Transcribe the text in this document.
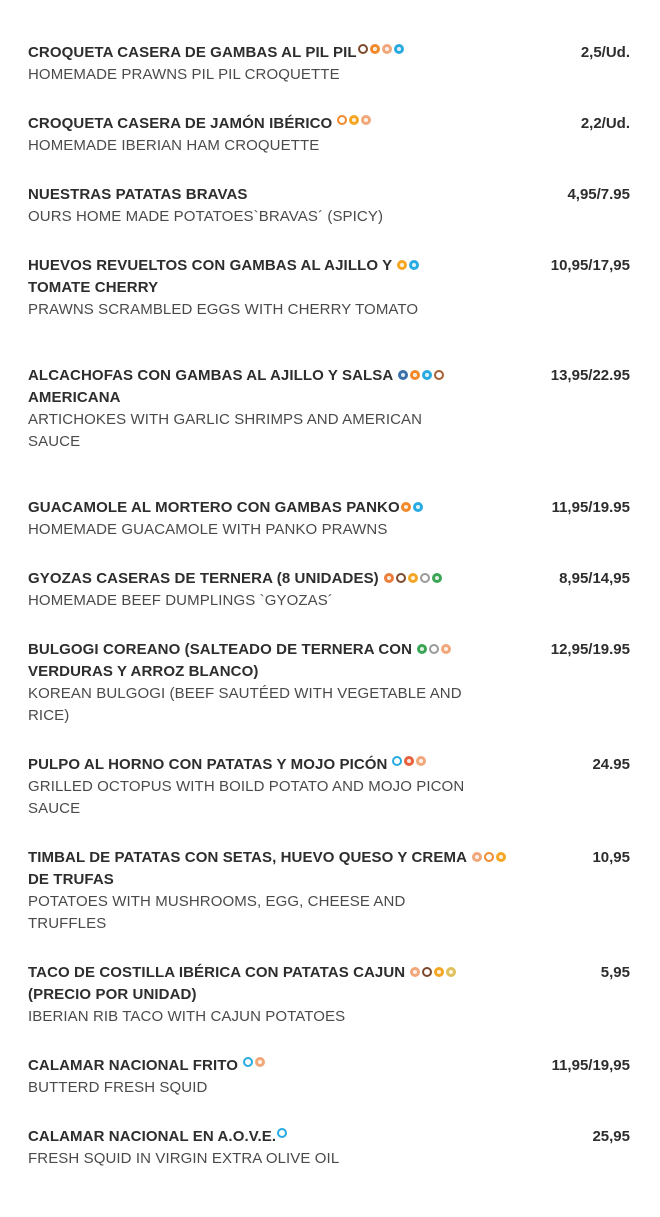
CROQUETA CASERA DE GAMBAS AL PIL PIL
HOMEMADE PRAWNS PIL PIL CROQUETTE
2,5/Ud.
CROQUETA CASERA DE JAMÓN IBÉRICO
HOMEMADE IBERIAN HAM CROQUETTE
2,2/Ud.
NUESTRAS PATATAS BRAVAS
OURS HOME MADE POTATOES`BRAVAS´ (SPICY)
4,95/7.95
HUEVOS REVUELTOS CON GAMBAS AL AJILLO Y

TOMATE CHERRY
PRAWNS SCRAMBLED EGGS WITH CHERRY TOMATO
10,95/17,95
ALCACHOFAS CON GAMBAS AL AJILLO Y SALSA

AMERICANA
ARTICHOKES WITH GARLIC SHRIMPS AND AMERICAN
SAUCE
13,95/22.95
GUACAMOLE AL MORTERO CON GAMBAS PANKO
HOMEMADE GUACAMOLE WITH PANKO PRAWNS
11,95/19.95
GYOZAS CASERAS DE TERNERA (8 UNIDADES)
HOMEMADE BEEF DUMPLINGS `GYOZAS´
8,95/14,95
BULGOGI COREANO (SALTEADO DE TERNERA CON

VERDURAS Y ARROZ BLANCO)
KOREAN BULGOGI (BEEF SAUTÉED WITH VEGETABLE AND
RICE)
12,95/19.95
PULPO AL HORNO CON PATATAS Y MOJO PICÓN
GRILLED OCTOPUS WITH BOILD POTATO AND MOJO PICON
SAUCE
24.95
TIMBAL DE PATATAS CON SETAS, HUEVO QUESO Y CREMA

DE TRUFAS
POTATOES WITH MUSHROOMS, EGG, CHEESE AND
TRUFFLES
10,95
TACO DE COSTILLA IBÉRICA CON PATATAS CAJUN

(PRECIO POR UNIDAD)
IBERIAN RIB TACO WITH CAJUN POTATOES
5,95
CALAMAR NACIONAL FRITO
BUTTERD FRESH SQUID
11,95/19,95
CALAMAR NACIONAL EN A.O.V.E.
FRESH SQUID IN VIRGIN EXTRA OLIVE OIL
25,95
